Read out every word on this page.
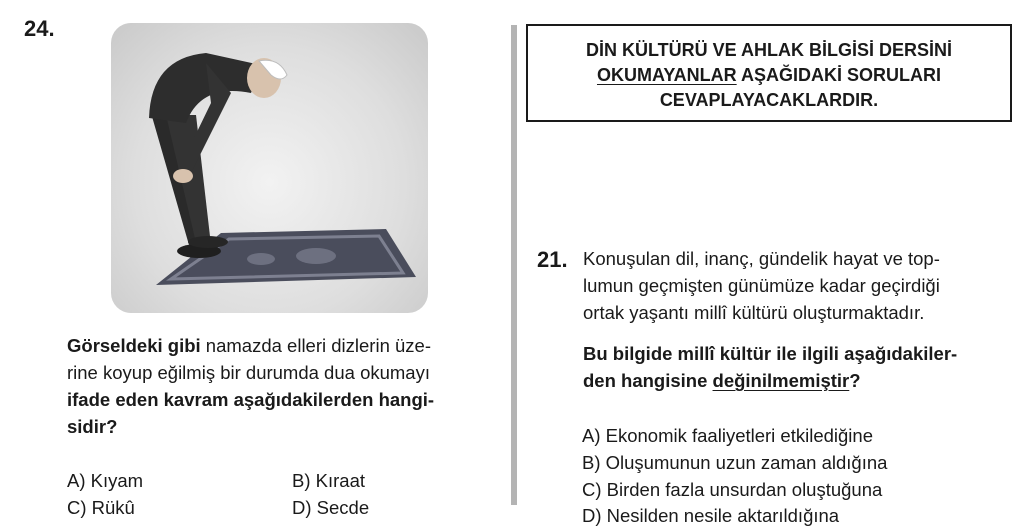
24.
Görseldeki gibi namazda elleri dizlerin üze-
rine koyup eğilmiş bir durumda dua okumayı
ifade eden kavram aşağıdakilerden hangi-
sidir?
A) Kıyam	B) Kıraat
C) Rükû	D) Secde
DİN KÜLTÜRÜ VE AHLAK BİLGİSİ DERSİNİ
OKUMAYANLAR AŞAĞIDAKİ SORULARI
CEVAPLAYACAKLARDIR.
21. Konuşulan dil, inanç, gündelik hayat ve top-
lumun geçmişten günümüze kadar geçirdiği
ortak yaşantı millî kültürü oluşturmaktadır.
Bu bilgide millî kültür ile ilgili aşağıdakiler-
den hangisine değinilmemiştir?
A) Ekonomik faaliyetleri etkilediğine
B) Oluşumunun uzun zaman aldığına
C) Birden fazla unsurdan oluştuğuna
D) Nesilden nesile aktarıldığına
